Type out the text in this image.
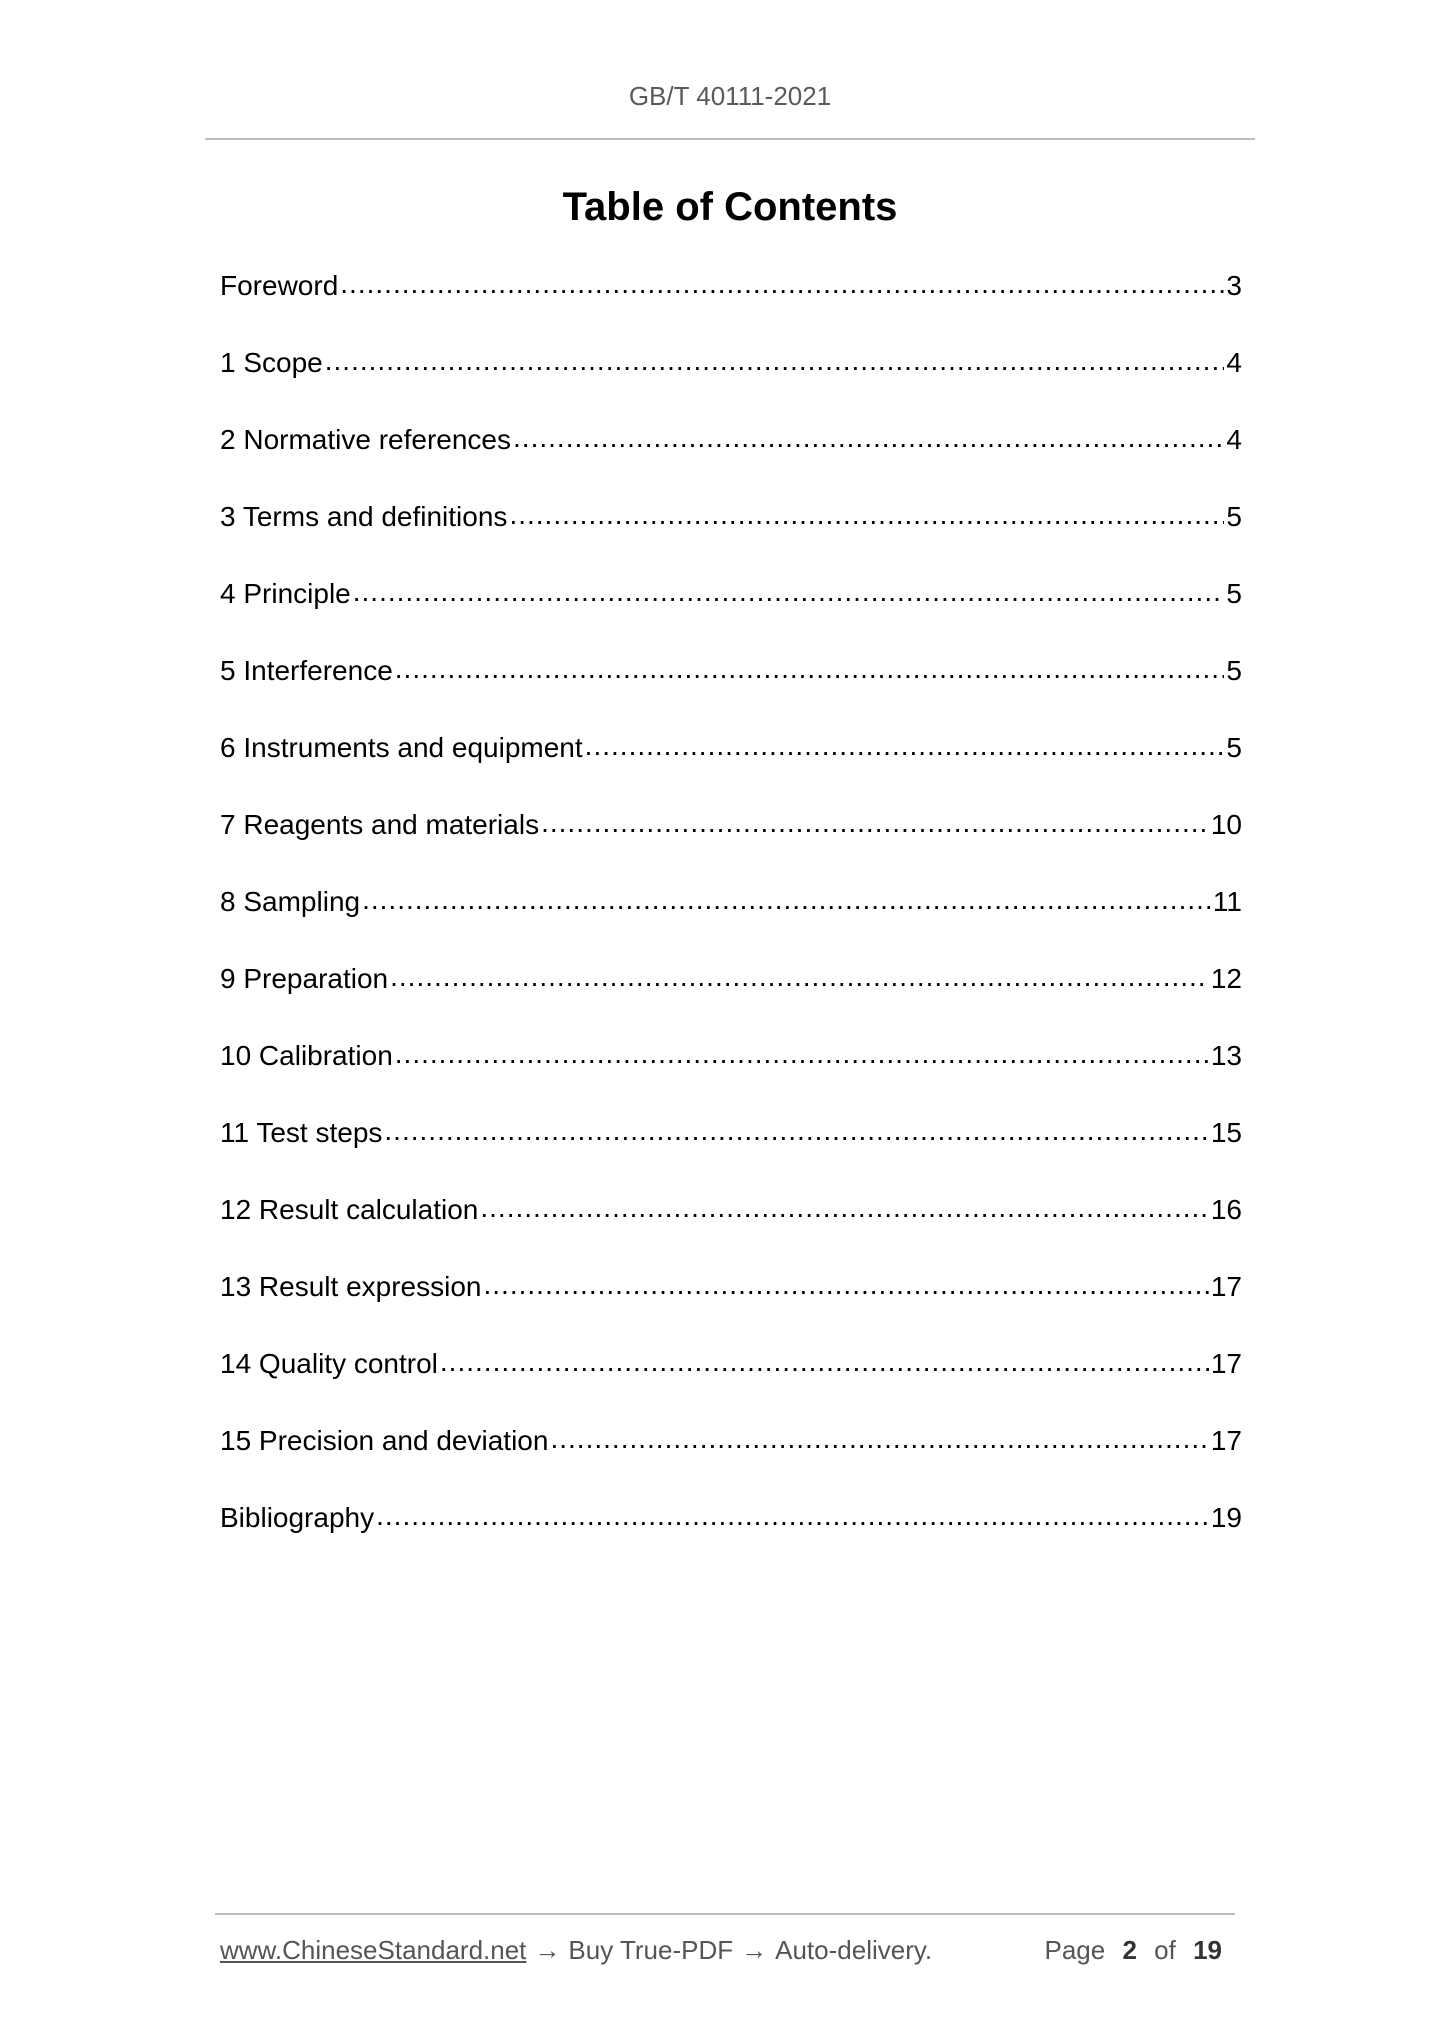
GB/T 40111-2021
Table of Contents
Foreword .....	3
1 Scope .....	4
2 Normative references .....	4
3 Terms and definitions .....	5
4 Principle .....	5
5 Interference .....	5
6 Instruments and equipment .....	5
7 Reagents and materials .....	10
8 Sampling .....	11
9 Preparation .....	12
10 Calibration .....	13
11 Test steps .....	15
12 Result calculation .....	16
13 Result expression .....	17
14 Quality control .....	17
15 Precision and deviation .....	17
Bibliography .....	19
www.ChineseStandard.net → Buy True-PDF → Auto-delivery.	Page 2 of 19
